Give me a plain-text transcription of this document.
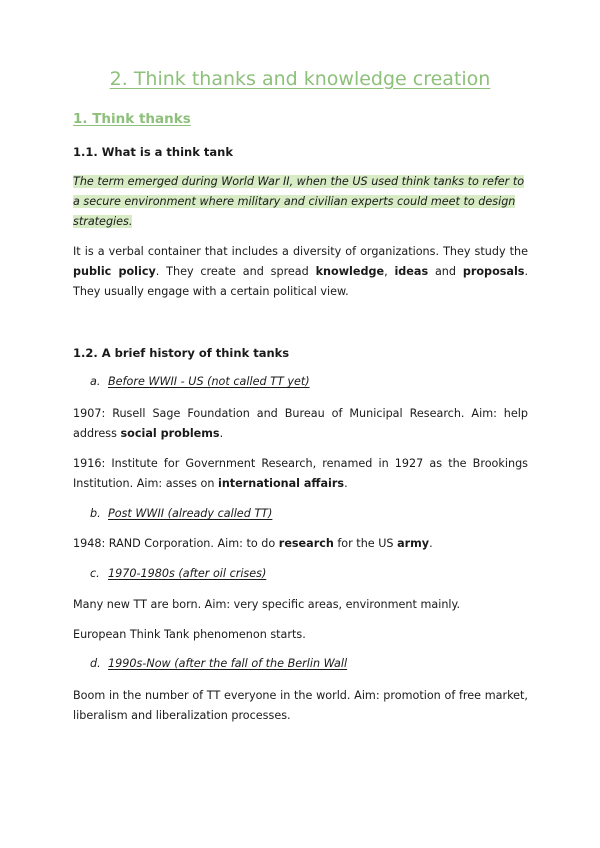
2. Think thanks and knowledge creation
1. Think thanks
1.1. What is a think tank
The term emerged during World War II, when the US used think tanks to refer to
a secure environment where military and civilian experts could meet to design
strategies.
It is a verbal container that includes a diversity of organizations. They study the public policy. They create and spread knowledge, ideas and proposals. They usually engage with a certain political view.
1.2. A brief history of think tanks
a. Before WWII - US (not called TT yet)
1907: Rusell Sage Foundation and Bureau of Municipal Research. Aim: help address social problems.
1916: Institute for Government Research, renamed in 1927 as the Brookings Institution. Aim: asses on international affairs.
b. Post WWII (already called TT)
1948: RAND Corporation. Aim: to do research for the US army.
c. 1970-1980s (after oil crises)
Many new TT are born. Aim: very specific areas, environment mainly.
European Think Tank phenomenon starts.
d. 1990s-Now (after the fall of the Berlin Wall
Boom in the number of TT everyone in the world. Aim: promotion of free market, liberalism and liberalization processes.
